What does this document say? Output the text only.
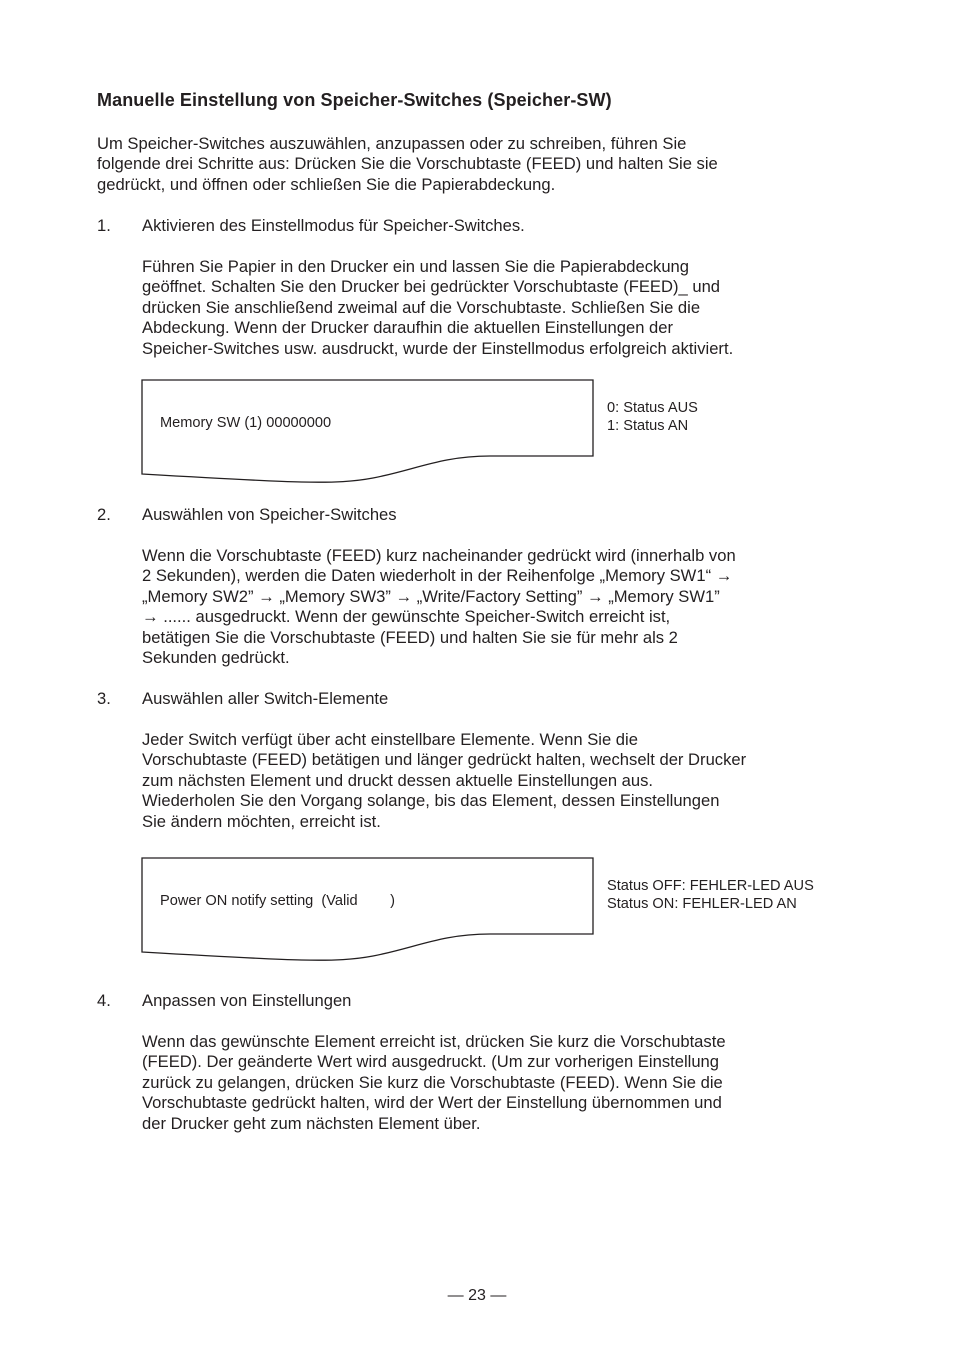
Manuelle Einstellung von Speicher-Switches (Speicher-SW)
Um Speicher-Switches auszuwählen, anzupassen oder zu schreiben, führen Sie
folgende drei Schritte aus: Drücken Sie die Vorschubtaste (FEED) und halten Sie sie
gedrückt, und öffnen oder schließen Sie die Papierabdeckung.
1. Aktivieren des Einstellmodus für Speicher-Switches.
Führen Sie Papier in den Drucker ein und lassen Sie die Papierabdeckung
geöffnet. Schalten Sie den Drucker bei gedrückter Vorschubtaste (FEED)_ und
drücken Sie anschließend zweimal auf die Vorschubtaste. Schließen Sie die
Abdeckung. Wenn der Drucker daraufhin die aktuellen Einstellungen der
Speicher-Switches usw. ausdruckt, wurde der Einstellmodus erfolgreich aktiviert.
Memory SW (1) 00000000
0: Status AUS
1: Status AN
2. Auswählen von Speicher-Switches
Wenn die Vorschubtaste (FEED) kurz nacheinander gedrückt wird (innerhalb von
2 Sekunden), werden die Daten wiederholt in der Reihenfolge „Memory SW1“ →
„Memory SW2” → „Memory SW3” → „Write/Factory Setting” → „Memory SW1”
→ ...... ausgedruckt. Wenn der gewünschte Speicher-Switch erreicht ist,
betätigen Sie die Vorschubtaste (FEED) und halten Sie sie für mehr als 2
Sekunden gedrückt.
3. Auswählen aller Switch-Elemente
Jeder Switch verfügt über acht einstellbare Elemente. Wenn Sie die
Vorschubtaste (FEED) betätigen und länger gedrückt halten, wechselt der Drucker
zum nächsten Element und druckt dessen aktuelle Einstellungen aus.
Wiederholen Sie den Vorgang solange, bis das Element, dessen Einstellungen
Sie ändern möchten, erreicht ist.
Power ON notify setting  (Valid        )
Status OFF: FEHLER-LED AUS
Status ON: FEHLER-LED AN
4. Anpassen von Einstellungen
Wenn das gewünschte Element erreicht ist, drücken Sie kurz die Vorschubtaste
(FEED). Der geänderte Wert wird ausgedruckt. (Um zur vorherigen Einstellung
zurück zu gelangen, drücken Sie kurz die Vorschubtaste (FEED). Wenn Sie die
Vorschubtaste gedrückt halten, wird der Wert der Einstellung übernommen und
der Drucker geht zum nächsten Element über.
— 23 —
